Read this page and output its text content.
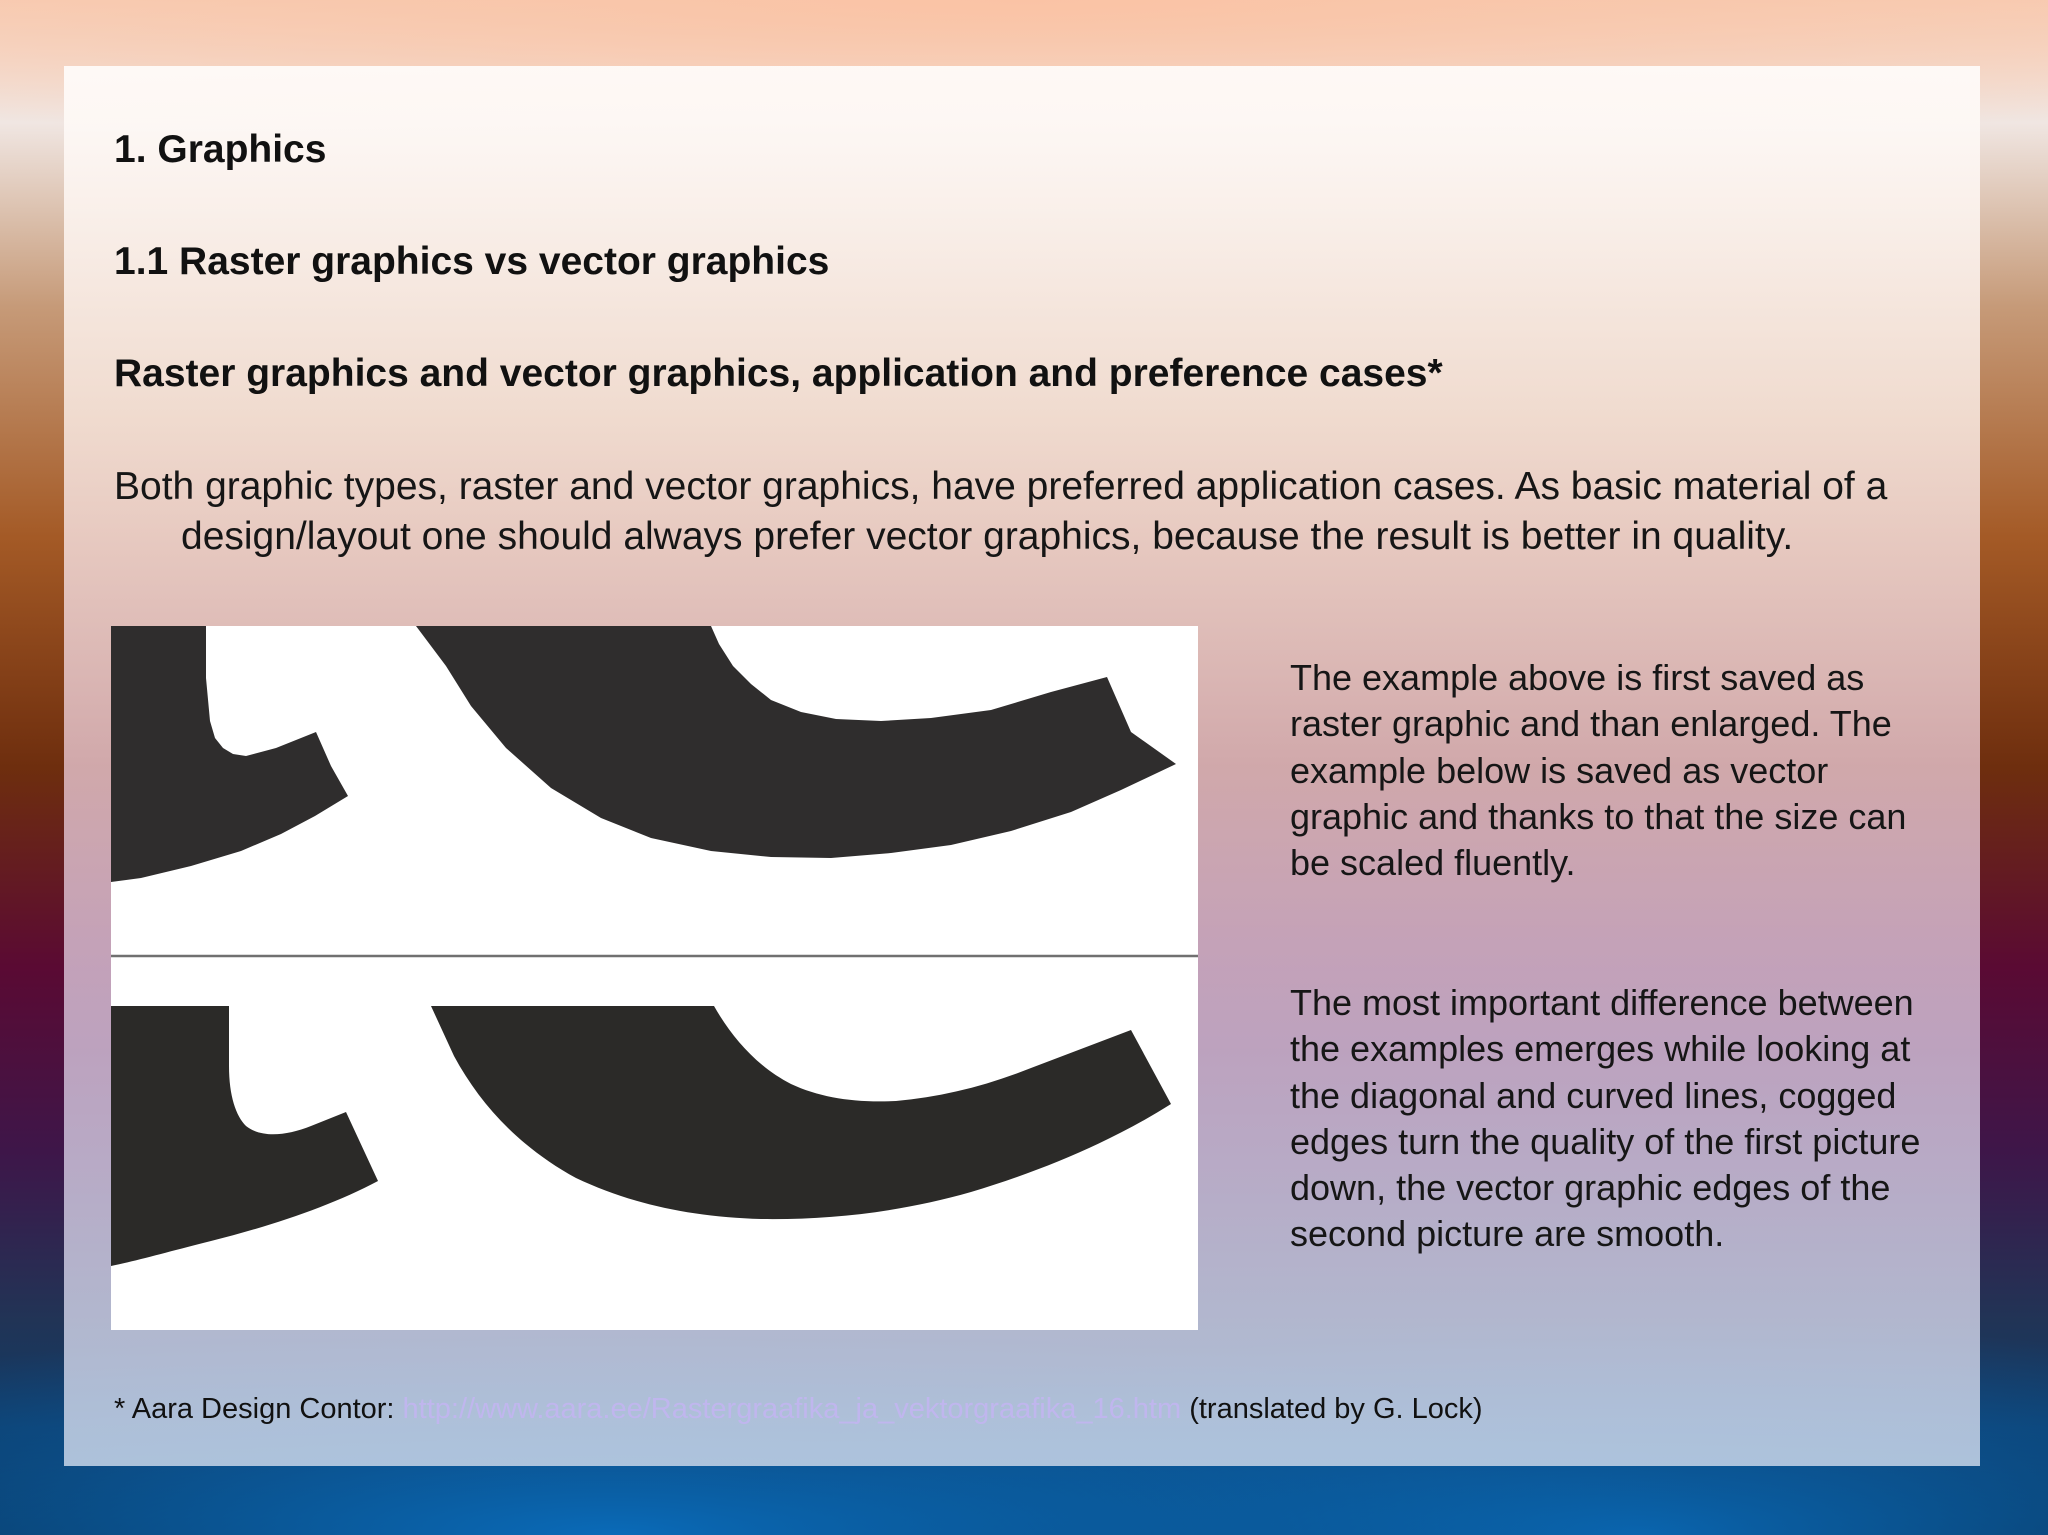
1. Graphics
1.1 Raster graphics vs vector graphics
Raster graphics and vector graphics, application and preference cases*

Both graphic types, raster and vector graphics, have preferred application cases. As basic material of a design/layout one should always prefer vector graphics, because the result is better in quality.

The example above is first saved as raster graphic and than enlarged. The example below is saved as vector graphic and thanks to that the size can be scaled fluently.

The most important difference between the examples emerges while looking at the diagonal and curved lines, cogged edges turn the quality of the first picture down, the vector graphic edges of the second picture are smooth.

* Aara Design Contor: http://www.aara.ee/Rastergraafika_ja_vektorgraafika_16.htm (translated by G. Lock)
